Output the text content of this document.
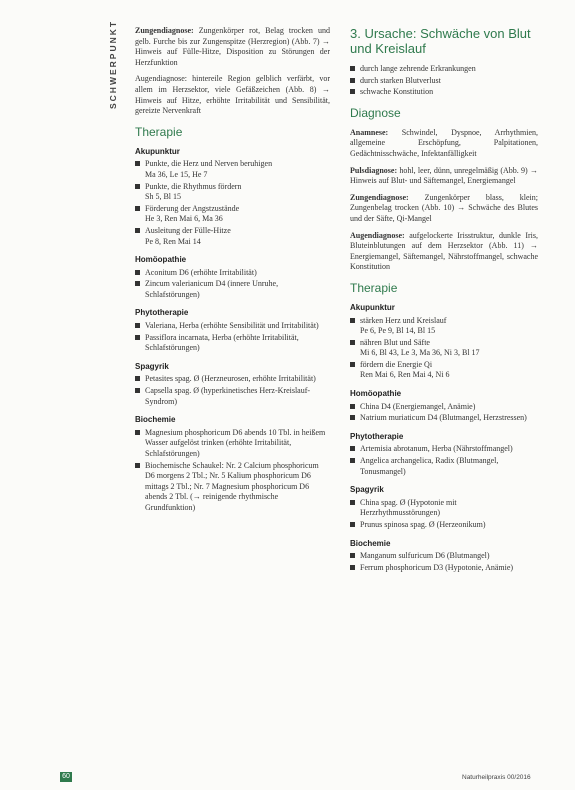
SCHWERPUNKT	Zungendiagnose: Zungenkörper rot, Belag trocken und gelb. Furche bis zur Zungenspitze (Herzregion) (Abb. 7) → Hinweis auf Fülle-Hitze, Disposition zu Störungen der Herzfunktion

Augendiagnose: hintereile Region gelblich verfärbt, vor allem im Herzsektor, viele Gefäßzeichen (Abb. 8) → Hinweis auf Hitze, erhöhte Irritabilität und Sensibilität, gereizte Nervenkraft

Therapie
Akupunktur
Punkte, die Herz und Nerven beruhigen
Ma 36, Le 15, He 7
Punkte, die Rhythmus fördern
Sh 5, Bl 15
Förderung der Angstzustände
He 3, Ren Mai 6, Ma 36
Ausleitung der Fülle-Hitze
Pe 8, Ren Mai 14
Homöopathie
Aconitum D6 (erhöhte Irritabilität)
Zincum valerianicum D4 (innere Unruhe, Schlafstörungen)
Phytotherapie
Valeriana, Herba (erhöhte Sensibilität und Irritabilität)
Passiflora incarnata, Herba (erhöhte Irritabilität, Schlafstörungen)
Spagyrik
Petasites spag. Ø (Herzneurosen, erhöhte Irritabilität)
Capsella spag. Ø (hyperkinetisches Herz-Kreislauf-Syndrom)
Biochemie
Magnesium phosphoricum D6 abends 10 Tbl. in heißem Wasser aufgelöst trinken (erhöhte Irritabilität, Schlafstörungen)
Biochemische Schaukel: Nr. 2 Calcium phosphoricum D6 morgens 2 Tbl.; Nr. 5 Kalium phosphoricum D6 mittags 2 Tbl.; Nr. 7 Magnesium phosphoricum D6 abends 2 Tbl. (→ reinigende rhythmische Grundfunktion)
3. Ursache: Schwäche von Blut und Kreislauf
durch lange zehrende Erkrankungen
durch starken Blutverlust
schwache Konstitution
Diagnose

Anamnese: Schwindel, Dyspnoe, Arrhythmien, allgemeine Erschöpfung, Palpitationen, Gedächtnisschwäche, Infektanfälligkeit

Pulsdiagnose: hohl, leer, dünn, unregelmäßig (Abb. 9) → Hinweis auf Blut- und Säftemangel, Energiemangel

Zungendiagnose: Zungenkörper blass, klein; Zungenbelag trocken (Abb. 10) → Schwäche des Blutes und der Säfte, Qi-Mangel

Augendiagnose: aufgelockerte Irisstruktur, dunkle Iris, Bluteinblutungen auf dem Herzsektor (Abb. 11) → Energiemangel, Säftemangel, Nährstoffmangel, schwache Konstitution

Therapie
Akupunktur
stärken Herz und Kreislauf
Pe 6, Pe 9, Bl 14, Bl 15
nähren Blut und Säfte
Mi 6, Bl 43, Le 3, Ma 36, Ni 3, Bl 17
fördern die Energie Qi
Ren Mai 6, Ren Mai 4, Ni 6
Homöopathie
China D4 (Energiemangel, Anämie)
Natrium muriaticum D4 (Blutmangel, Herzstressen)
Phytotherapie
Artemisia abrotanum, Herba (Nährstoffmangel)
Angelica archangelica, Radix (Blutmangel, Tonusmangel)
Spagyrik
China spag. Ø (Hypotonie mit Herzrhythmusstörungen)
Prunus spinosa spag. Ø (Herzeonikum)
Biochemie
Manganum sulfuricum D6 (Blutmangel)
Ferrum phosphoricum D3 (Hypotonie, Anämie)
60	Naturheilpraxis 00/2016
